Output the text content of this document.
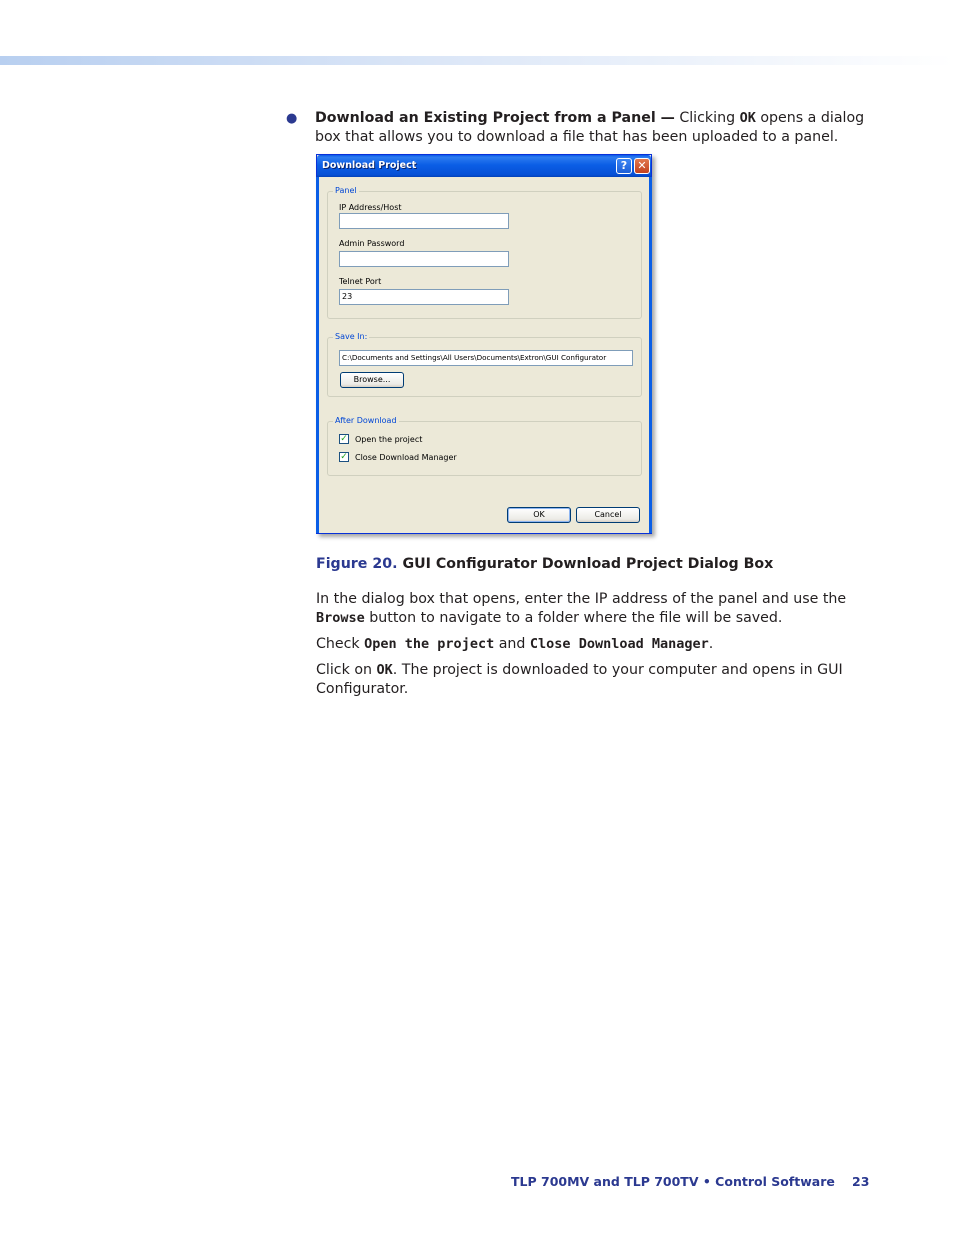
● Download an Existing Project from a Panel — Clicking OK opens a dialog box that allows you to download a file that has been uploaded to a panel.
Download Project	? ✕
Panel
IP Address/Host
Admin Password
Telnet Port
23
Save In:
C:\Documents and Settings\All Users\Documents\Extron\GUI Configurator
Browse...
After Download
✓ Open the project
✓ Close Download Manager
OK	Cancel
Figure 20. GUI Configurator Download Project Dialog Box
In the dialog box that opens, enter the IP address of the panel and use the Browse button to navigate to a folder where the file will be saved.
Check Open the project and Close Download Manager.
Click on OK. The project is downloaded to your computer and opens in GUI Configurator.
TLP 700MV and TLP 700TV • Control Software 23
